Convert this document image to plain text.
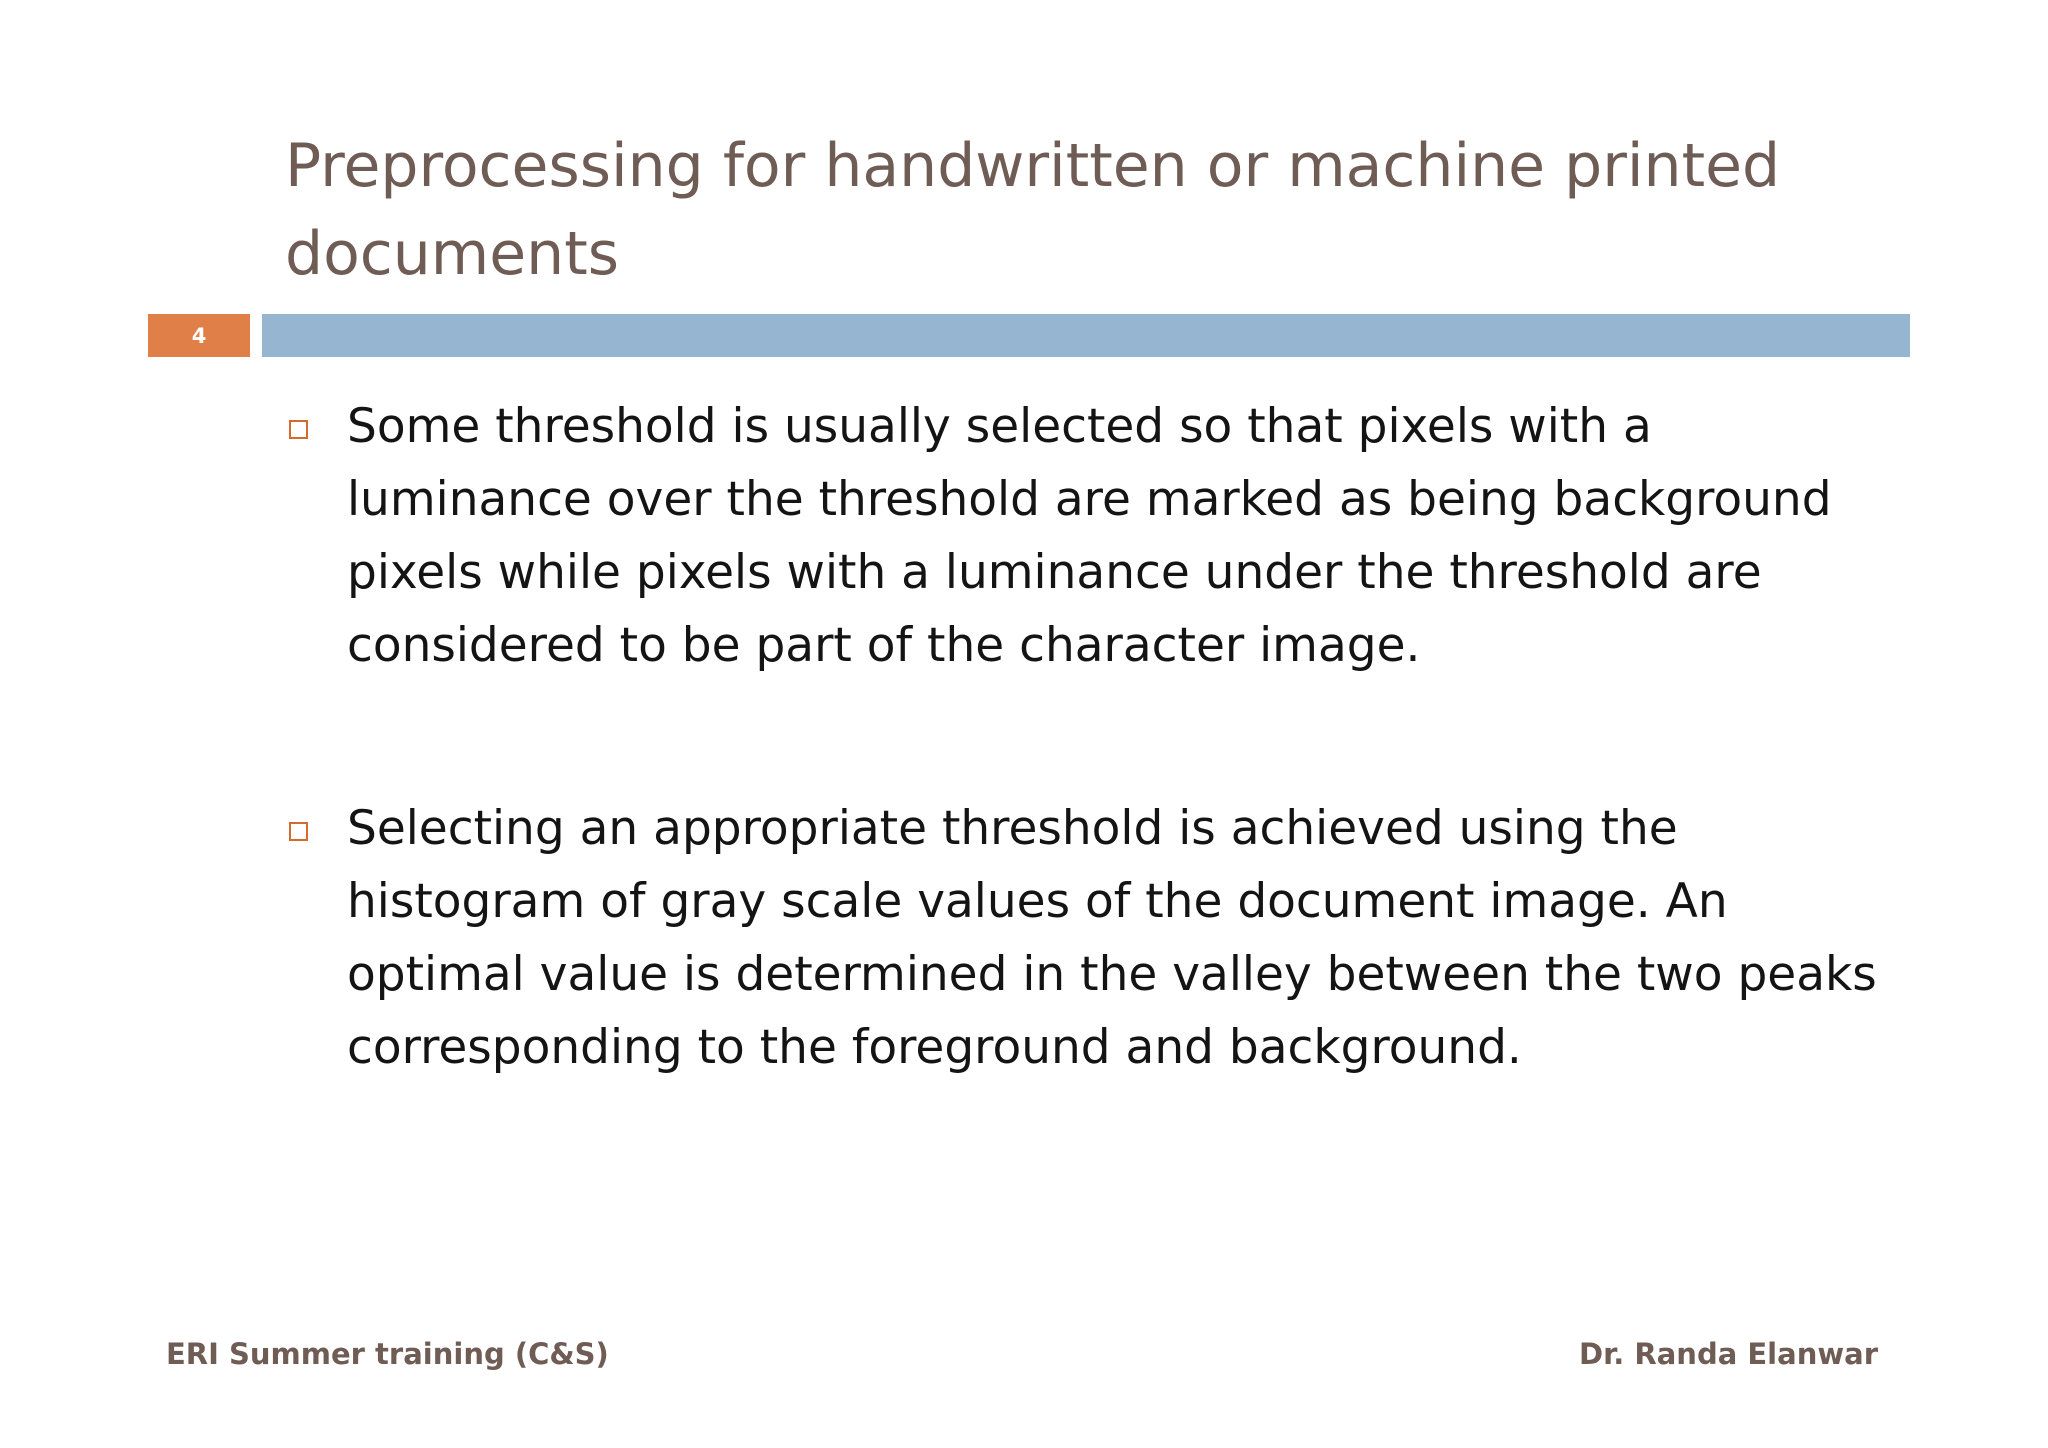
Preprocessing for handwritten or machine printed documents
4
Some threshold is usually selected so that pixels with a luminance over the threshold are marked as being background pixels while pixels with a luminance under the threshold are considered to be part of the character image.
Selecting an appropriate threshold is achieved using the histogram of gray scale values of the document image. An optimal value is determined in the valley between the two peaks corresponding to the foreground and background.
ERI Summer training (C&S)	Dr. Randa Elanwar
